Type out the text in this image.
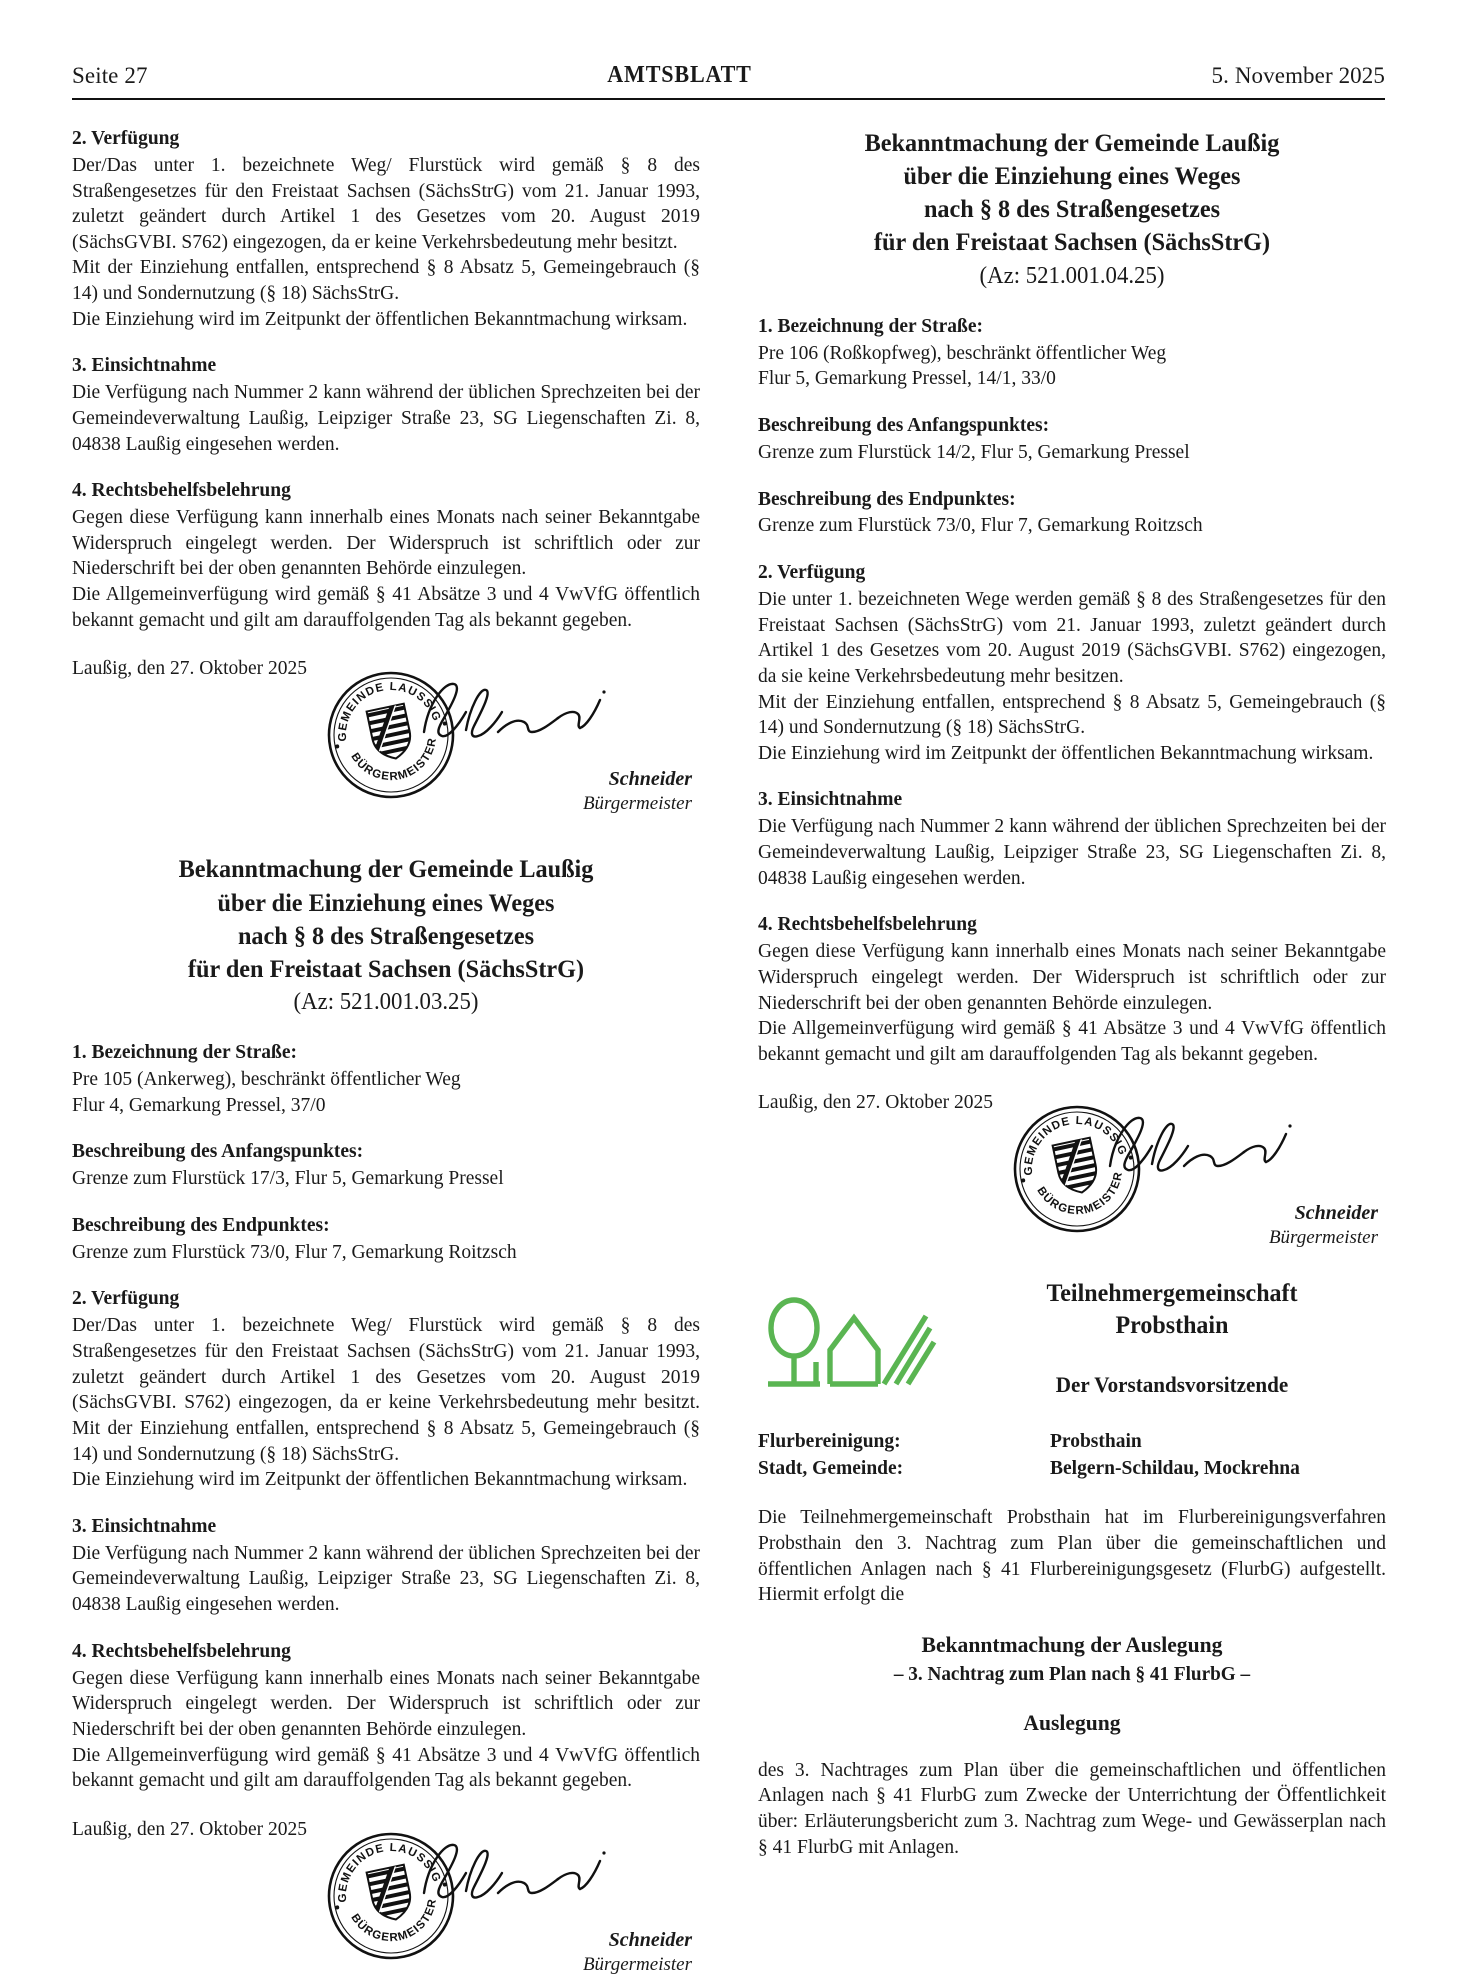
Seite 27	AMTSBLATT	5. November 2025
2. Verfügung

Der/Das unter 1. bezeichnete Weg/ Flurstück wird gemäß § 8 des Straßengesetzes für den Freistaat Sachsen (SächsStrG) vom 21. Januar 1993, zuletzt geändert durch Artikel 1 des Gesetzes vom 20. August 2019 (SächsGVBI. S762) eingezogen, da er keine Verkehrsbedeutung mehr besitzt.

Mit der Einziehung entfallen, entsprechend § 8 Absatz 5, Gemeingebrauch (§ 14) und Sondernutzung (§ 18) SächsStrG.

Die Einziehung wird im Zeitpunkt der öffentlichen Bekanntmachung wirksam.

3. Einsichtnahme

Die Verfügung nach Nummer 2 kann während der üblichen Sprechzeiten bei der Gemeindeverwaltung Laußig, Leipziger Straße 23, SG Liegenschaften Zi. 8, 04838 Laußig eingesehen werden.

4. Rechtsbehelfsbelehrung

Gegen diese Verfügung kann innerhalb eines Monats nach seiner Bekanntgabe Widerspruch eingelegt werden. Der Widerspruch ist schriftlich oder zur Niederschrift bei der oben genannten Behörde einzulegen.

Die Allgemeinverfügung wird gemäß § 41 Absätze 3 und 4 VwVfG öffentlich bekannt gemacht und gilt am darauffolgenden Tag als bekannt gegeben.

Laußig, den 27. Oktober 2025
GEMEINDE LAUSSIG
BÜRGERMEISTER
Schneider
Bürgermeister
Bekanntmachung der Gemeinde Laußig
über die Einziehung eines Weges
nach § 8 des Straßengesetzes
für den Freistaat Sachsen (SächsStrG)
(Az: 521.001.03.25)
1. Bezeichnung der Straße:

Pre 105 (Ankerweg), beschränkt öffentlicher Weg

Flur 4, Gemarkung Pressel, 37/0

Beschreibung des Anfangspunktes:

Grenze zum Flurstück 17/3, Flur 5, Gemarkung Pressel

Beschreibung des Endpunktes:

Grenze zum Flurstück 73/0, Flur 7, Gemarkung Roitzsch

2. Verfügung

Der/Das unter 1. bezeichnete Weg/ Flurstück wird gemäß § 8 des Straßengesetzes für den Freistaat Sachsen (SächsStrG) vom 21. Januar 1993, zuletzt geändert durch Artikel 1 des Gesetzes vom 20. August 2019 (SächsGVBI. S762) eingezogen, da er keine Verkehrsbedeutung mehr besitzt. Mit der Einziehung entfallen, entsprechend § 8 Absatz 5, Gemeingebrauch (§ 14) und Sondernutzung (§ 18) SächsStrG.

Die Einziehung wird im Zeitpunkt der öffentlichen Bekanntmachung wirksam.

3. Einsichtnahme

Die Verfügung nach Nummer 2 kann während der üblichen Sprechzeiten bei der Gemeindeverwaltung Laußig, Leipziger Straße 23, SG Liegenschaften Zi. 8, 04838 Laußig eingesehen werden.

4. Rechtsbehelfsbelehrung

Gegen diese Verfügung kann innerhalb eines Monats nach seiner Bekanntgabe Widerspruch eingelegt werden. Der Widerspruch ist schriftlich oder zur Niederschrift bei der oben genannten Behörde einzulegen.

Die Allgemeinverfügung wird gemäß § 41 Absätze 3 und 4 VwVfG öffentlich bekannt gemacht und gilt am darauffolgenden Tag als bekannt gegeben.

Laußig, den 27. Oktober 2025
GEMEINDE LAUSSIG
BÜRGERMEISTER
Schneider
Bürgermeister
Bekanntmachung der Gemeinde Laußig
über die Einziehung eines Weges
nach § 8 des Straßengesetzes
für den Freistaat Sachsen (SächsStrG)
(Az: 521.001.04.25)
1. Bezeichnung der Straße:

Pre 106 (Roßkopfweg), beschränkt öffentlicher Weg

Flur 5, Gemarkung Pressel, 14/1, 33/0

Beschreibung des Anfangspunktes:

Grenze zum Flurstück 14/2, Flur 5, Gemarkung Pressel

Beschreibung des Endpunktes:

Grenze zum Flurstück 73/0, Flur 7, Gemarkung Roitzsch

2. Verfügung

Die unter 1. bezeichneten Wege werden gemäß § 8 des Straßengesetzes für den Freistaat Sachsen (SächsStrG) vom 21. Januar 1993, zuletzt geändert durch Artikel 1 des Gesetzes vom 20. August 2019 (SächsGVBI. S762) eingezogen, da sie keine Verkehrsbedeutung mehr besitzen.

Mit der Einziehung entfallen, entsprechend § 8 Absatz 5, Gemeingebrauch (§ 14) und Sondernutzung (§ 18) SächsStrG.

Die Einziehung wird im Zeitpunkt der öffentlichen Bekanntmachung wirksam.

3. Einsichtnahme

Die Verfügung nach Nummer 2 kann während der üblichen Sprechzeiten bei der Gemeindeverwaltung Laußig, Leipziger Straße 23, SG Liegenschaften Zi. 8, 04838 Laußig eingesehen werden.

4. Rechtsbehelfsbelehrung

Gegen diese Verfügung kann innerhalb eines Monats nach seiner Bekanntgabe Widerspruch eingelegt werden. Der Widerspruch ist schriftlich oder zur Niederschrift bei der oben genannten Behörde einzulegen.

Die Allgemeinverfügung wird gemäß § 41 Absätze 3 und 4 VwVfG öffentlich bekannt gemacht und gilt am darauffolgenden Tag als bekannt gegeben.

Laußig, den 27. Oktober 2025
GEMEINDE LAUSSIG
BÜRGERMEISTER
Schneider
Bürgermeister
Teilnehmergemeinschaft
Probsthain
Der Vorstandsvorsitzende
Flurbereinigung:	Probsthain
Stadt, Gemeinde:	Belgern-Schildau, Mockrehna

Die Teilnehmergemeinschaft Probsthain hat im Flurbereinigungsverfahren Probsthain den 3. Nachtrag zum Plan über die gemeinschaftlichen und öffentlichen Anlagen nach § 41 Flurbereinigungsgesetz (FlurbG) aufgestellt. Hiermit erfolgt die

Bekanntmachung der Auslegung
– 3. Nachtrag zum Plan nach § 41 FlurbG –
Auslegung

des 3. Nachtrages zum Plan über die gemeinschaftlichen und öffentlichen Anlagen nach § 41 FlurbG zum Zwecke der Unterrichtung der Öffentlichkeit über: Erläuterungsbericht zum 3. Nachtrag zum Wege- und Gewässerplan nach § 41 FlurbG mit Anlagen.
